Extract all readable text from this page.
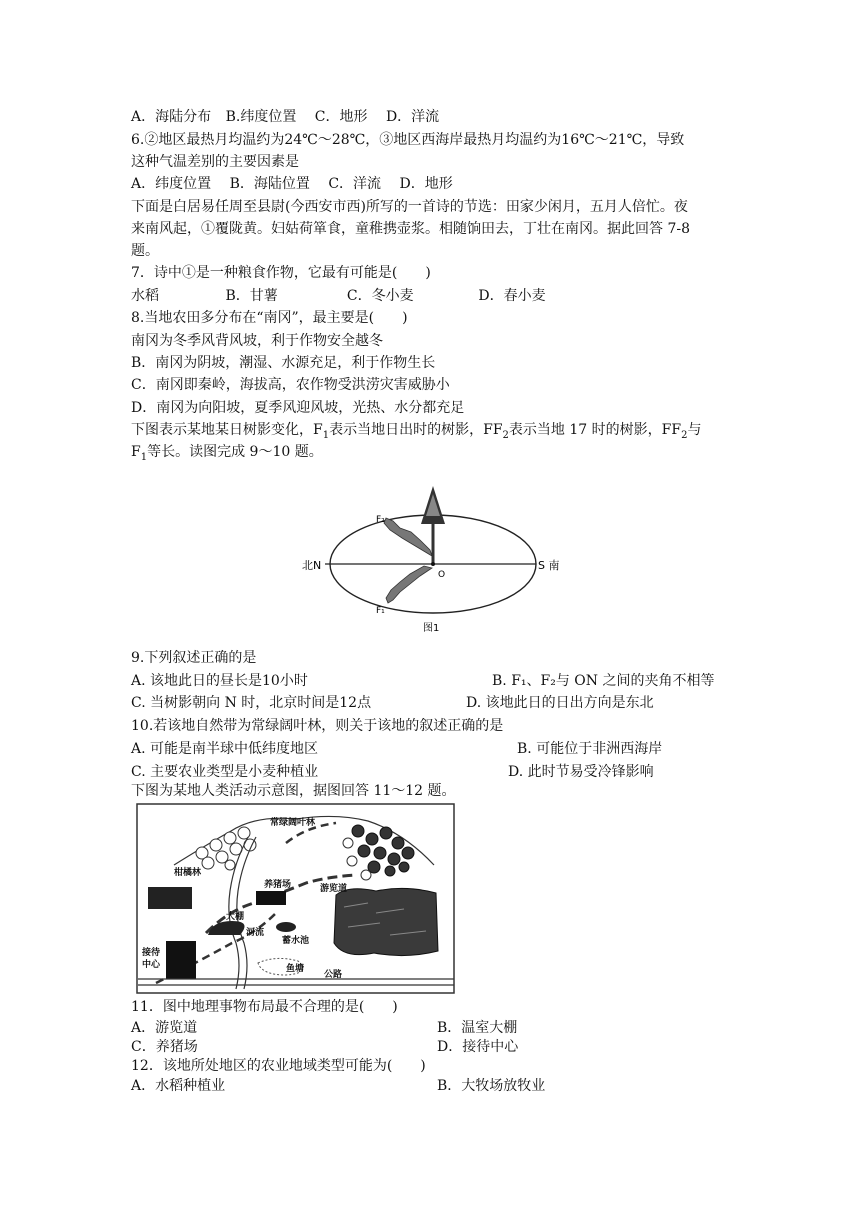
A．海陆分布 B.纬度位置 C．地形 D．洋流
6.②地区最热月均温约为24℃～28℃，③地区西海岸最热月均温约为16℃～21℃，导致
这种气温差别的主要因素是
A．纬度位置 B．海陆位置 C．洋流 D．地形
下面是白居易任周至县尉(今西安市西)所写的一首诗的节选：田家少闲月，五月人倍忙。夜
来南风起，①覆陇黄。妇姑荷箪食，童稚携壶浆。相随饷田去，丁壮在南冈。据此回答 7-8
题。
7．诗中①是一种粮食作物，它最有可能是(　　)
水稻	B．甘薯	C．冬小麦	D．春小麦
8.当地农田多分布在“南冈”，最主要是(　　)
南冈为冬季风背风坡，利于作物安全越冬
B．南冈为阴坡，潮湿、水源充足，利于作物生长
C．南冈即秦岭，海拔高，农作物受洪涝灾害威胁小
D．南冈为向阳坡，夏季风迎风坡，光热、水分都充足
下图表示某地某日树影变化，$F_1$表示当地日出时的树影，$FF_2$表示当地 17 时的树影，$FF_2$与
$F_1$等长。读图完成 9～10 题。
O
北N	S 南
F₂
F₁
图1
9.下列叙述正确的是
A. 该地此日的昼长是10小时	B. F₁、F₂与 ON 之间的夹角不相等
C. 当树影朝向 N 时，北京时间是12点	D. 该地此日的日出方向是东北
10.若该地自然带为常绿阔叶林，则关于该地的叙述正确的是
A. 可能是南半球中低纬度地区	B. 可能位于非洲西海岸
C. 主要农业类型是小麦种植业	D. 此时节易受冷锋影响
下图为某地人类活动示意图，据图回答 11～12 题。
常绿阔叶林
柑橘林
养猪场	游览道
大棚
河流
蓄水池
接待
中心	鱼塘
公路
11．图中地理事物布局最不合理的是(　　)
A．游览道	B．温室大棚
C．养猪场	D．接待中心
12．该地所处地区的农业地域类型可能为(　　)
A．水稻种植业	B．大牧场放牧业
